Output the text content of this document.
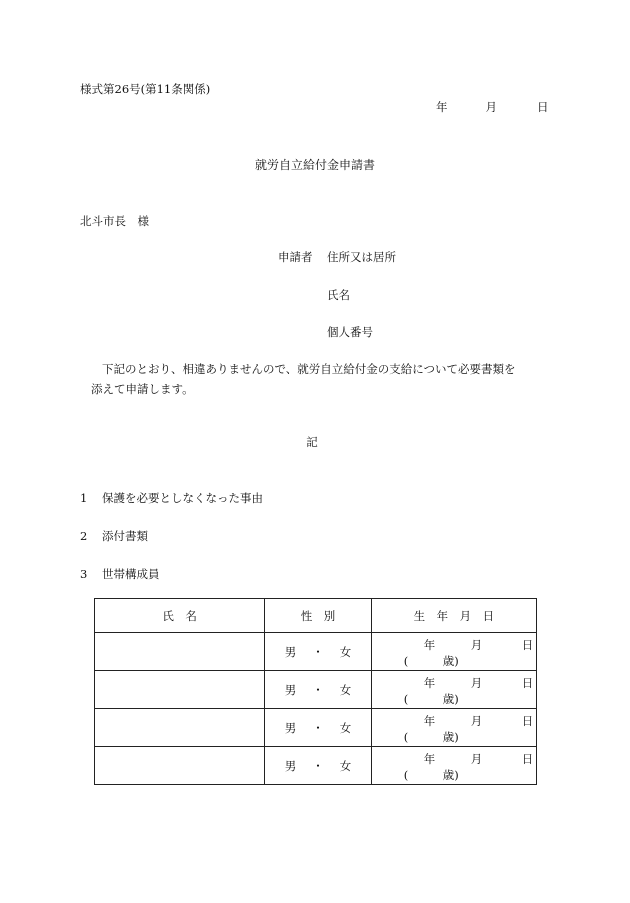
様式第26号(第11条関係)
年	月	日
就労自立給付金申請書
北斗市長　様
申請者 住所又は居所
氏名
個人番号
下記のとおり、相違ありませんので、就労自立給付金の支給について必要書類を
添えて申請します。
記
1 保護を必要としなくなった事由
2 添付書類
3 世帯構成員
氏　名	性　別	生　年　月　日
	男 ・ 女	年 月 日
(　　　歳)

	男 ・ 女	年 月 日
(　　　歳)

	男 ・ 女	年 月 日
(　　　歳)

	男 ・ 女	年 月 日
(　　　歳)
